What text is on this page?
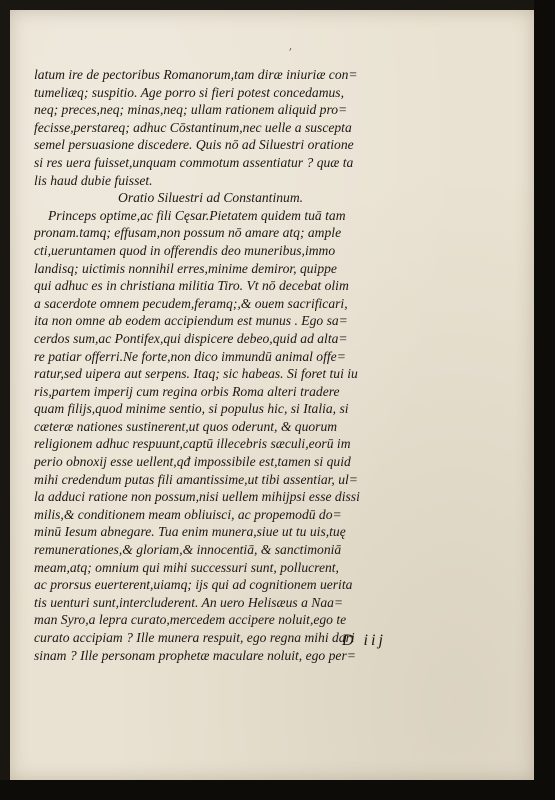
ʼ
latum ire de pectoribus Romanorum,tam diræ iniuriæ con=
tumeliæq; suspitio. Age porro si fieri potest concedamus,
neq; preces,neq; minas,neq; ullam rationem aliquid pro=
fecisse,perstareq; adhuc Cōstantinum,nec uelle a suscepta
semel persuasione discedere. Quis nō ad Siluestri oratione
si res uera fuisset,unquam commotum assentiatur ? quæ ta
lis haud dubie fuisset.
Oratio Siluestri ad Constantinum.
Princeps optime,ac fili Cęsar.Pietatem quidem tuā tam
pronam.tamq; effusam,non possum nō amare atq; ample
cti,ueruntamen quod in offerendis deo muneribus,immo
landisq; uictimis nonnihil erres,minime demiror, quippe
qui adhuc es in christiana militia Tiro. Vt nō decebat olim
a sacerdote omnem pecudem,feramq;,& ouem sacrificari,
ita non omne ab eodem accipiendum est munus . Ego sa=
cerdos sum,ac Pontifex,qui dispicere debeo,quid ad alta=
re patiar offerri.Ne forte,non dico immundū animal offe=
ratur,sed uipera aut serpens. Itaq; sic habeas. Si foret tui iu
ris,partem imperij cum regina orbis Roma alteri tradere
quam filijs,quod minime sentio, si populus hic, si Italia, si
cæteræ nationes sustinerent,ut quos oderunt, & quorum
religionem adhuc respuunt,captū illecebris sæculi,eorū im
perio obnoxij esse uellent,qđ impossibile est,tamen si quid
mihi credendum putas fili amantissime,ut tibi assentiar, ul=
la adduci ratione non possum,nisi uellem mihijpsi esse dissi
milis,& conditionem meam obliuisci, ac propemodū do=
minū Iesum abnegare. Tua enim munera,siue ut tu uis,tuę
remunerationes,& gloriam,& innocentiā, & sanctimoniā
meam,atq; omnium qui mihi successuri sunt, pollucrent,
ac prorsus euerterent,uiamq; ijs qui ad cognitionem uerita
tis uenturi sunt,intercluderent. An uero Helisæus a Naa=
man Syro,a lepra curato,mercedem accipere noluit,ego te
curato accipiam ? Ille munera respuit, ego regna mihi dari
sinam ? Ille personam prophetæ maculare noluit, ego per=
D iij
